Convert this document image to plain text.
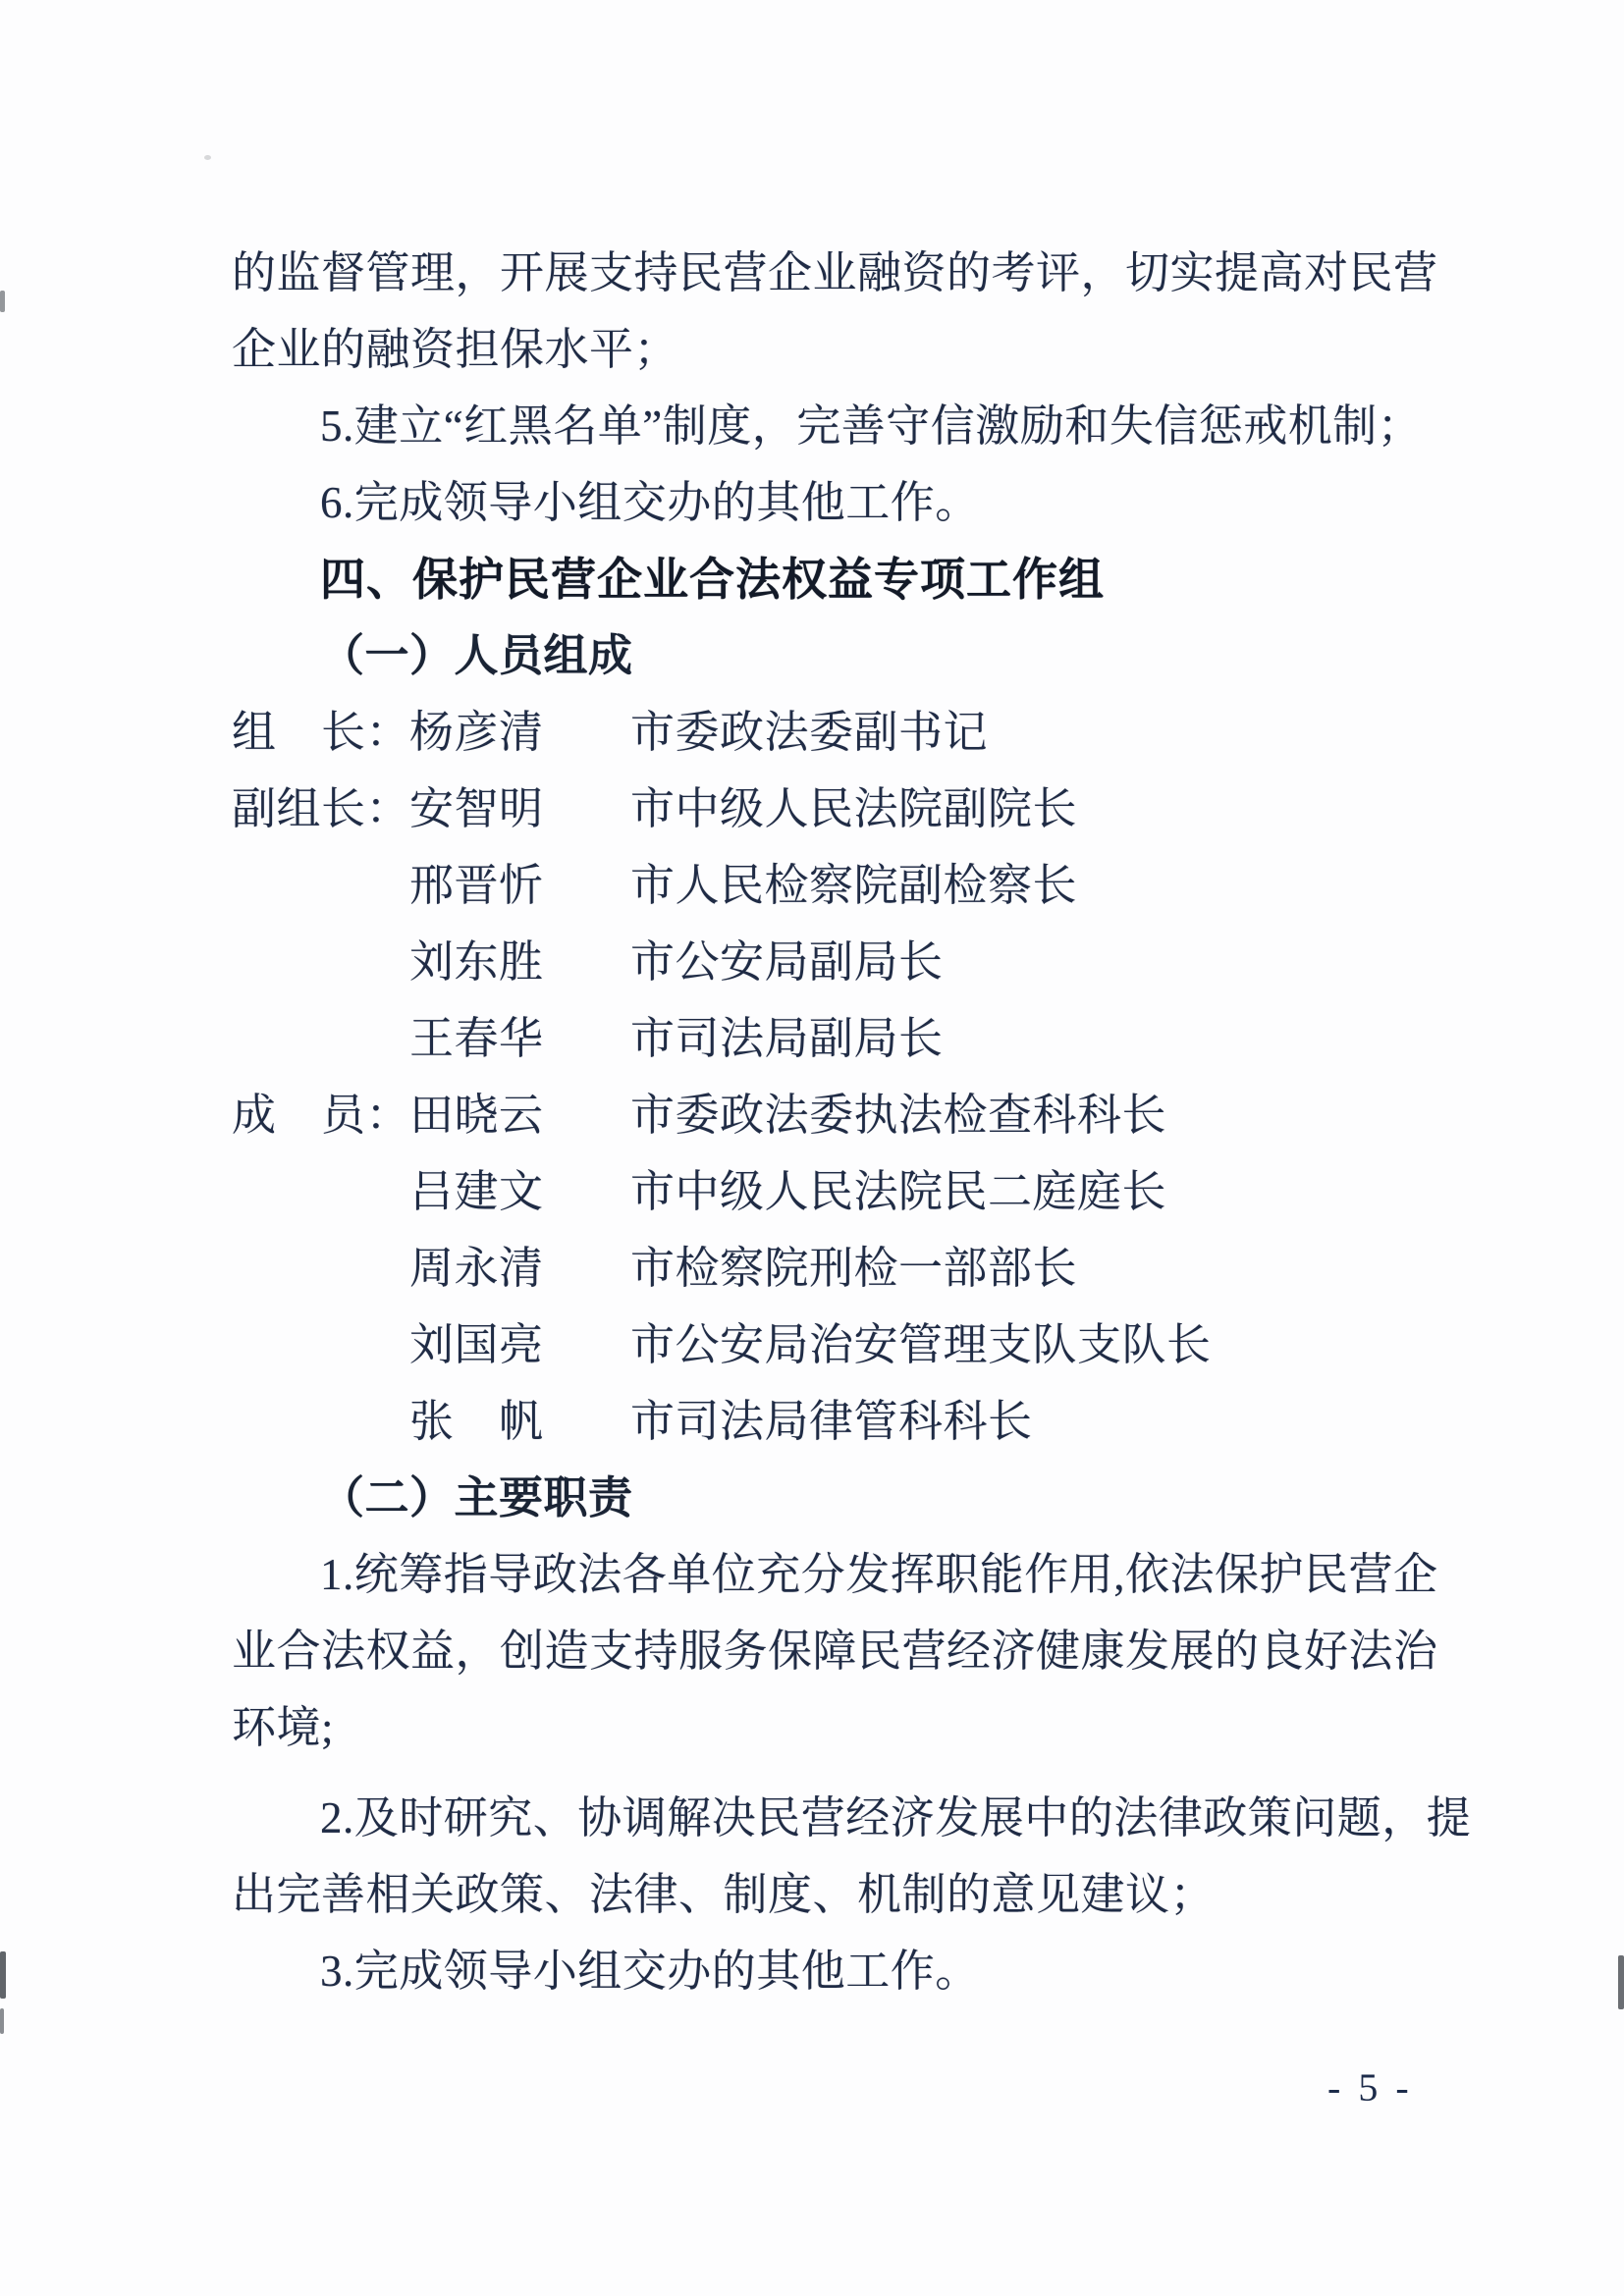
的监督管理，开展支持民营企业融资的考评，切实提高对民营
企业的融资担保水平；
5.建立“红黑名单”制度，完善守信激励和失信惩戒机制；
6.完成领导小组交办的其他工作。
四、保护民营企业合法权益专项工作组
（一）人员组成
组　长：
杨彦清	市委政法委副书记
副组长：
安智明	市中级人民法院副院长
邢晋忻	市人民检察院副检察长
刘东胜	市公安局副局长
王春华	市司法局副局长
成　员：
田晓云	市委政法委执法检查科科长
吕建文	市中级人民法院民二庭庭长
周永清	市检察院刑检一部部长
刘国亮	市公安局治安管理支队支队长
张　帆	市司法局律管科科长
（二）主要职责
1.统筹指导政法各单位充分发挥职能作用,依法保护民营企
业合法权益，创造支持服务保障民营经济健康发展的良好法治
环境;
2.及时研究、协调解决民营经济发展中的法律政策问题，提
出完善相关政策、法律、制度、机制的意见建议；
3.完成领导小组交办的其他工作。
- 5 -
